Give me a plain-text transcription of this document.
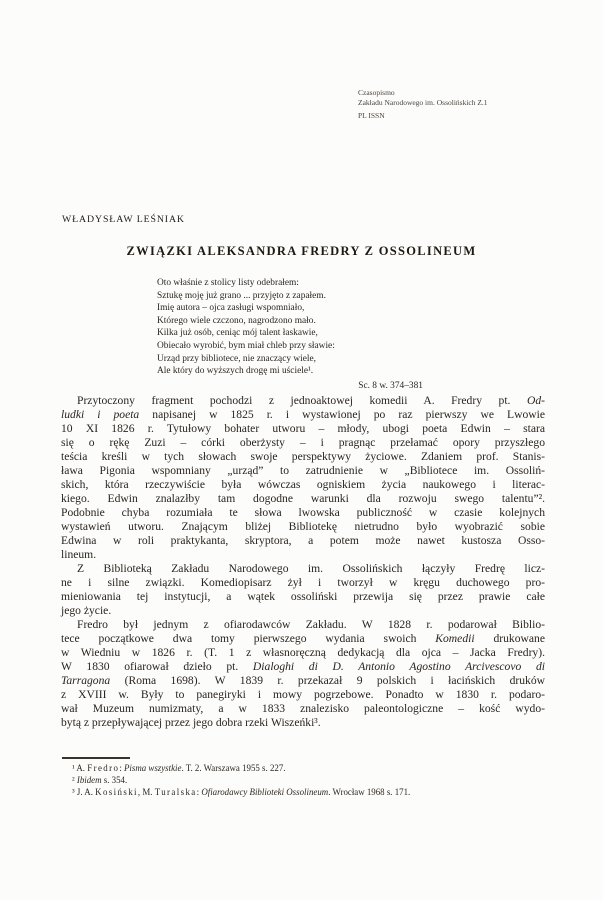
Czasopismo
Zakładu Narodowego im. Ossolińskich Z.1
PL ISSN
WŁADYSŁAW LEŚNIAK
ZWIĄZKI ALEKSANDRA FREDRY Z OSSOLINEUM
Oto właśnie z stolicy listy odebrałem:
Sztukę moję już grano ... przyjęto z zapałem.
Imię autora – ojca zasługi wspomniało,
Którego wiele czczono, nagrodzono mało.
Kilka już osób, ceniąc mój talent łaskawie,
Obiecało wyrobić, bym miał chleb przy sławie:
Urząd przy bibliotece, nie znaczący wiele,
Ale który do wyższych drogę mi uściele¹.
Sc. 8 w. 374–381
Przytoczony fragment pochodzi z jednoaktowej komedii A. Fredry pt. Od-
ludki i poeta napisanej w 1825 r. i wystawionej po raz pierwszy we Lwowie
10 XI 1826 r. Tytułowy bohater utworu – młody, ubogi poeta Edwin – stara
się o rękę Zuzi – córki oberżysty – i pragnąc przełamać opory przyszłego
teścia kreśli w tych słowach swoje perspektywy życiowe. Zdaniem prof. Stanis-
ława Pigonia wspomniany „urząd” to zatrudnienie w „Bibliotece im. Ossoliń-
skich, która rzeczywiście była wówczas ogniskiem życia naukowego i literac-
kiego. Edwin znalazłby tam dogodne warunki dla rozwoju swego talentu”².
Podobnie chyba rozumiała te słowa lwowska publiczność w czasie kolejnych
wystawień utworu. Znającym bliżej Bibliotekę nietrudno było wyobrazić sobie
Edwina w roli praktykanta, skryptora, a potem może nawet kustosza Osso-
lineum.
Z Biblioteką Zakładu Narodowego im. Ossolińskich łączyły Fredrę licz-
ne i silne związki. Komediopisarz żył i tworzył w kręgu duchowego pro-
mieniowania tej instytucji, a wątek ossoliński przewija się przez prawie całe
jego życie.
Fredro był jednym z ofiarodawców Zakładu. W 1828 r. podarował Biblio-
tece początkowe dwa tomy pierwszego wydania swoich Komedii drukowane
w Wiedniu w 1826 r. (T. 1 z własnoręczną dedykacją dla ojca – Jacka Fredry).
W 1830 ofiarował dzieło pt. Dialoghi di D. Antonio Agostino Arcivescovo di
Tarragona (Roma 1698). W 1839 r. przekazał 9 polskich i łacińskich druków
z XVIII w. Były to panegiryki i mowy pogrzebowe. Ponadto w 1830 r. podaro-
wał Muzeum numizmaty, a w 1833 znalezisko paleontologiczne – kość wydo-
bytą z przepływającej przez jego dobra rzeki Wiszeńki³.
¹ A. Fredro: Pisma wszystkie. T. 2. Warszawa 1955 s. 227.
² Ibidem s. 354.
³ J. A. Kosiński, M. Turalska: Ofiarodawcy Biblioteki Ossolineum. Wrocław 1968 s. 171.
